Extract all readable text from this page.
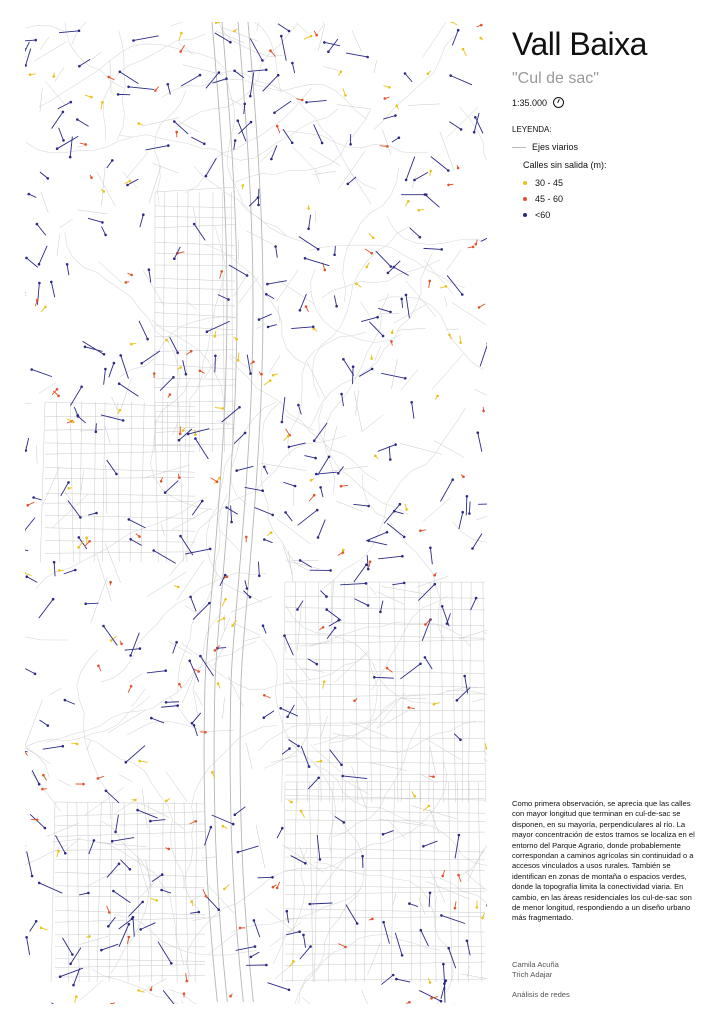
Vall Baixa
"Cul de sac"
1:35.000
LEYENDA:
Ejes viarios
Calles sin salida (m):
30 - 45
45 - 60
<60
Como primera observación, se aprecia que las calles con mayor longitud que terminan en cul-de-sac se disponen, en su mayoría, perpendiculares al río. La mayor concentración de estos tramos se localiza en el entorno del Parque Agrario, donde probablemente correspondan a caminos agrícolas sin continuidad o a accesos vinculados a usos rurales. También se identifican en zonas de montaña o espacios verdes, donde la topografía limita la conectividad viaria. En cambio, en las áreas residenciales los cul-de-sac son de menor longitud, respondiendo a un diseño urbano más fragmentado.
Camila Acuña
Trich Adajar
Análisis de redes
